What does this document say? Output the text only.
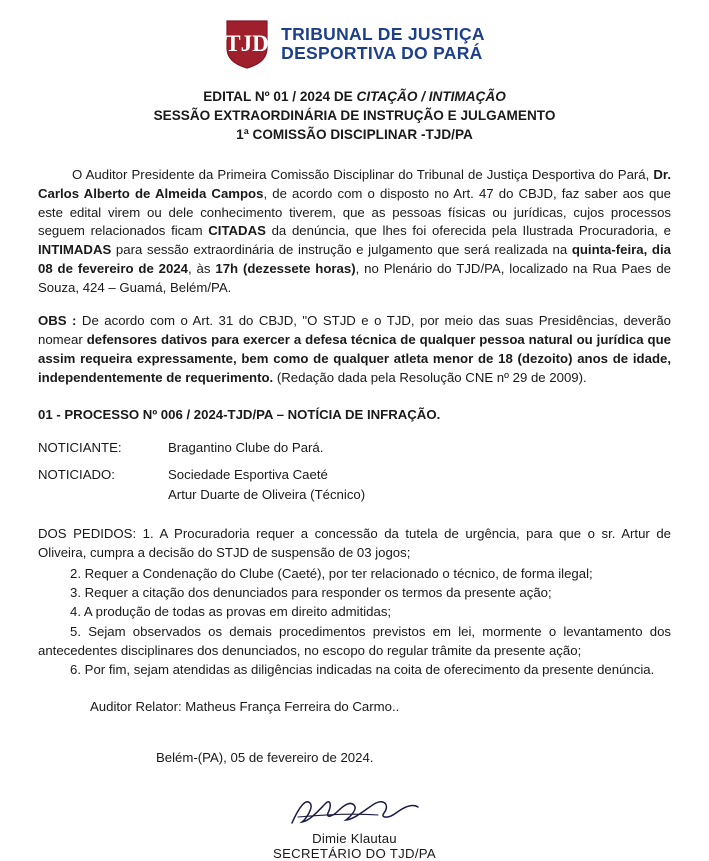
TJD TRIBUNAL DE JUSTIÇA
DESPORTIVA DO PARÁ
EDITAL Nº 01 / 2024 DE CITAÇÃO / INTIMAÇÃO
SESSÃO EXTRAORDINÁRIA DE INSTRUÇÃO E JULGAMENTO
1ª COMISSÃO DISCIPLINAR -TJD/PA

O Auditor Presidente da Primeira Comissão Disciplinar do Tribunal de Justiça Desportiva do Pará, Dr. Carlos Alberto de Almeida Campos, de acordo com o disposto no Art. 47 do CBJD, faz saber aos que este edital virem ou dele conhecimento tiverem, que as pessoas físicas ou jurídicas, cujos processos seguem relacionados ficam CITADAS da denúncia, que lhes foi oferecida pela Ilustrada Procuradoria, e INTIMADAS para sessão extraordinária de instrução e julgamento que será realizada na quinta-feira, dia 08 de fevereiro de 2024, às 17h (dezessete horas), no Plenário do TJD/PA, localizado na Rua Paes de Souza, 424 – Guamá, Belém/PA.

OBS : De acordo com o Art. 31 do CBJD, "O STJD e o TJD, por meio das suas Presidências, deverão nomear defensores dativos para exercer a defesa técnica de qualquer pessoa natural ou jurídica que assim requeira expressamente, bem como de qualquer atleta menor de 18 (dezoito) anos de idade, independentemente de requerimento. (Redação dada pela Resolução CNE nº 29 de 2009).

01 - PROCESSO Nº 006 / 2024-TJD/PA – NOTÍCIA DE INFRAÇÃO.
NOTICIANTE:	Bragantino Clube do Pará.
NOTICIADO:	Sociedade Esportiva Caeté
Artur Duarte de Oliveira (Técnico)
DOS PEDIDOS: 1. A Procuradoria requer a concessão da tutela de urgência, para que o sr. Artur de Oliveira, cumpra a decisão do STJD de suspensão de 03 jogos;
2. Requer a Condenação do Clube (Caeté), por ter relacionado o técnico, de forma ilegal;
3. Requer a citação dos denunciados para responder os termos da presente ação;
4. A produção de todas as provas em direito admitidas;
5. Sejam observados os demais procedimentos previstos em lei, mormente o levantamento dos antecedentes disciplinares dos denunciados, no escopo do regular trâmite da presente ação;
6. Por fim, sejam atendidas as diligências indicadas na coita de oferecimento da presente denúncia.
Auditor Relator: Matheus França Ferreira do Carmo..
Belém-(PA), 05 de fevereiro de 2024.
Dimie Klautau
SECRETÁRIO DO TJD/PA
